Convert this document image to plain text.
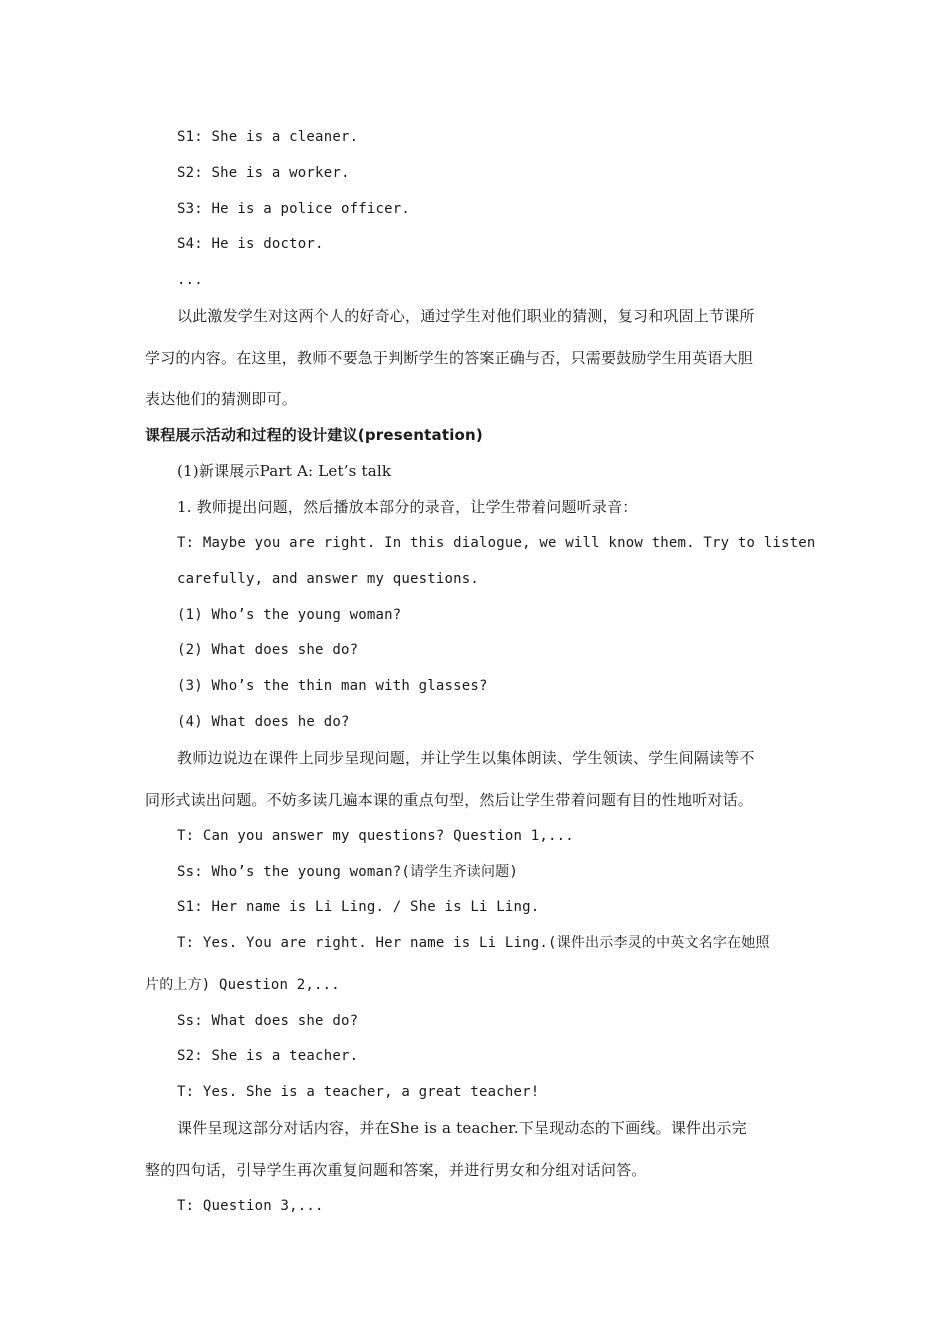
S1: She is a cleaner.
S2: She is a worker.
S3: He is a police officer.
S4: He is doctor.
...
以此激发学生对这两个人的好奇心，通过学生对他们职业的猜测，复习和巩固上节课所
学习的内容。在这里，教师不要急于判断学生的答案正确与否，只需要鼓励学生用英语大胆
表达他们的猜测即可。
课程展示活动和过程的设计建议(presentation)
(1)新课展示Part A: Let’s talk
1. 教师提出问题，然后播放本部分的录音，让学生带着问题听录音：
T: Maybe you are right. In this dialogue, we will know them. Try to listen
carefully, and answer my questions.
(1) Who’s the young woman?
(2) What does she do?
(3) Who’s the thin man with glasses?
(4) What does he do?
教师边说边在课件上同步呈现问题，并让学生以集体朗读、学生领读、学生间隔读等不
同形式读出问题。不妨多读几遍本课的重点句型，然后让学生带着问题有目的性地听对话。
T: Can you answer my questions? Question 1,...
Ss: Who’s the young woman?(请学生齐读问题)
S1: Her name is Li Ling. / She is Li Ling.
T: Yes. You are right. Her name is Li Ling.(课件出示李灵的中英文名字在她照
片的上方) Question 2,...
Ss: What does she do?
S2: She is a teacher.
T: Yes. She is a teacher, a great teacher!
课件呈现这部分对话内容，并在She is a teacher.下呈现动态的下画线。课件出示完
整的四句话，引导学生再次重复问题和答案，并进行男女和分组对话问答。
T: Question 3,...
